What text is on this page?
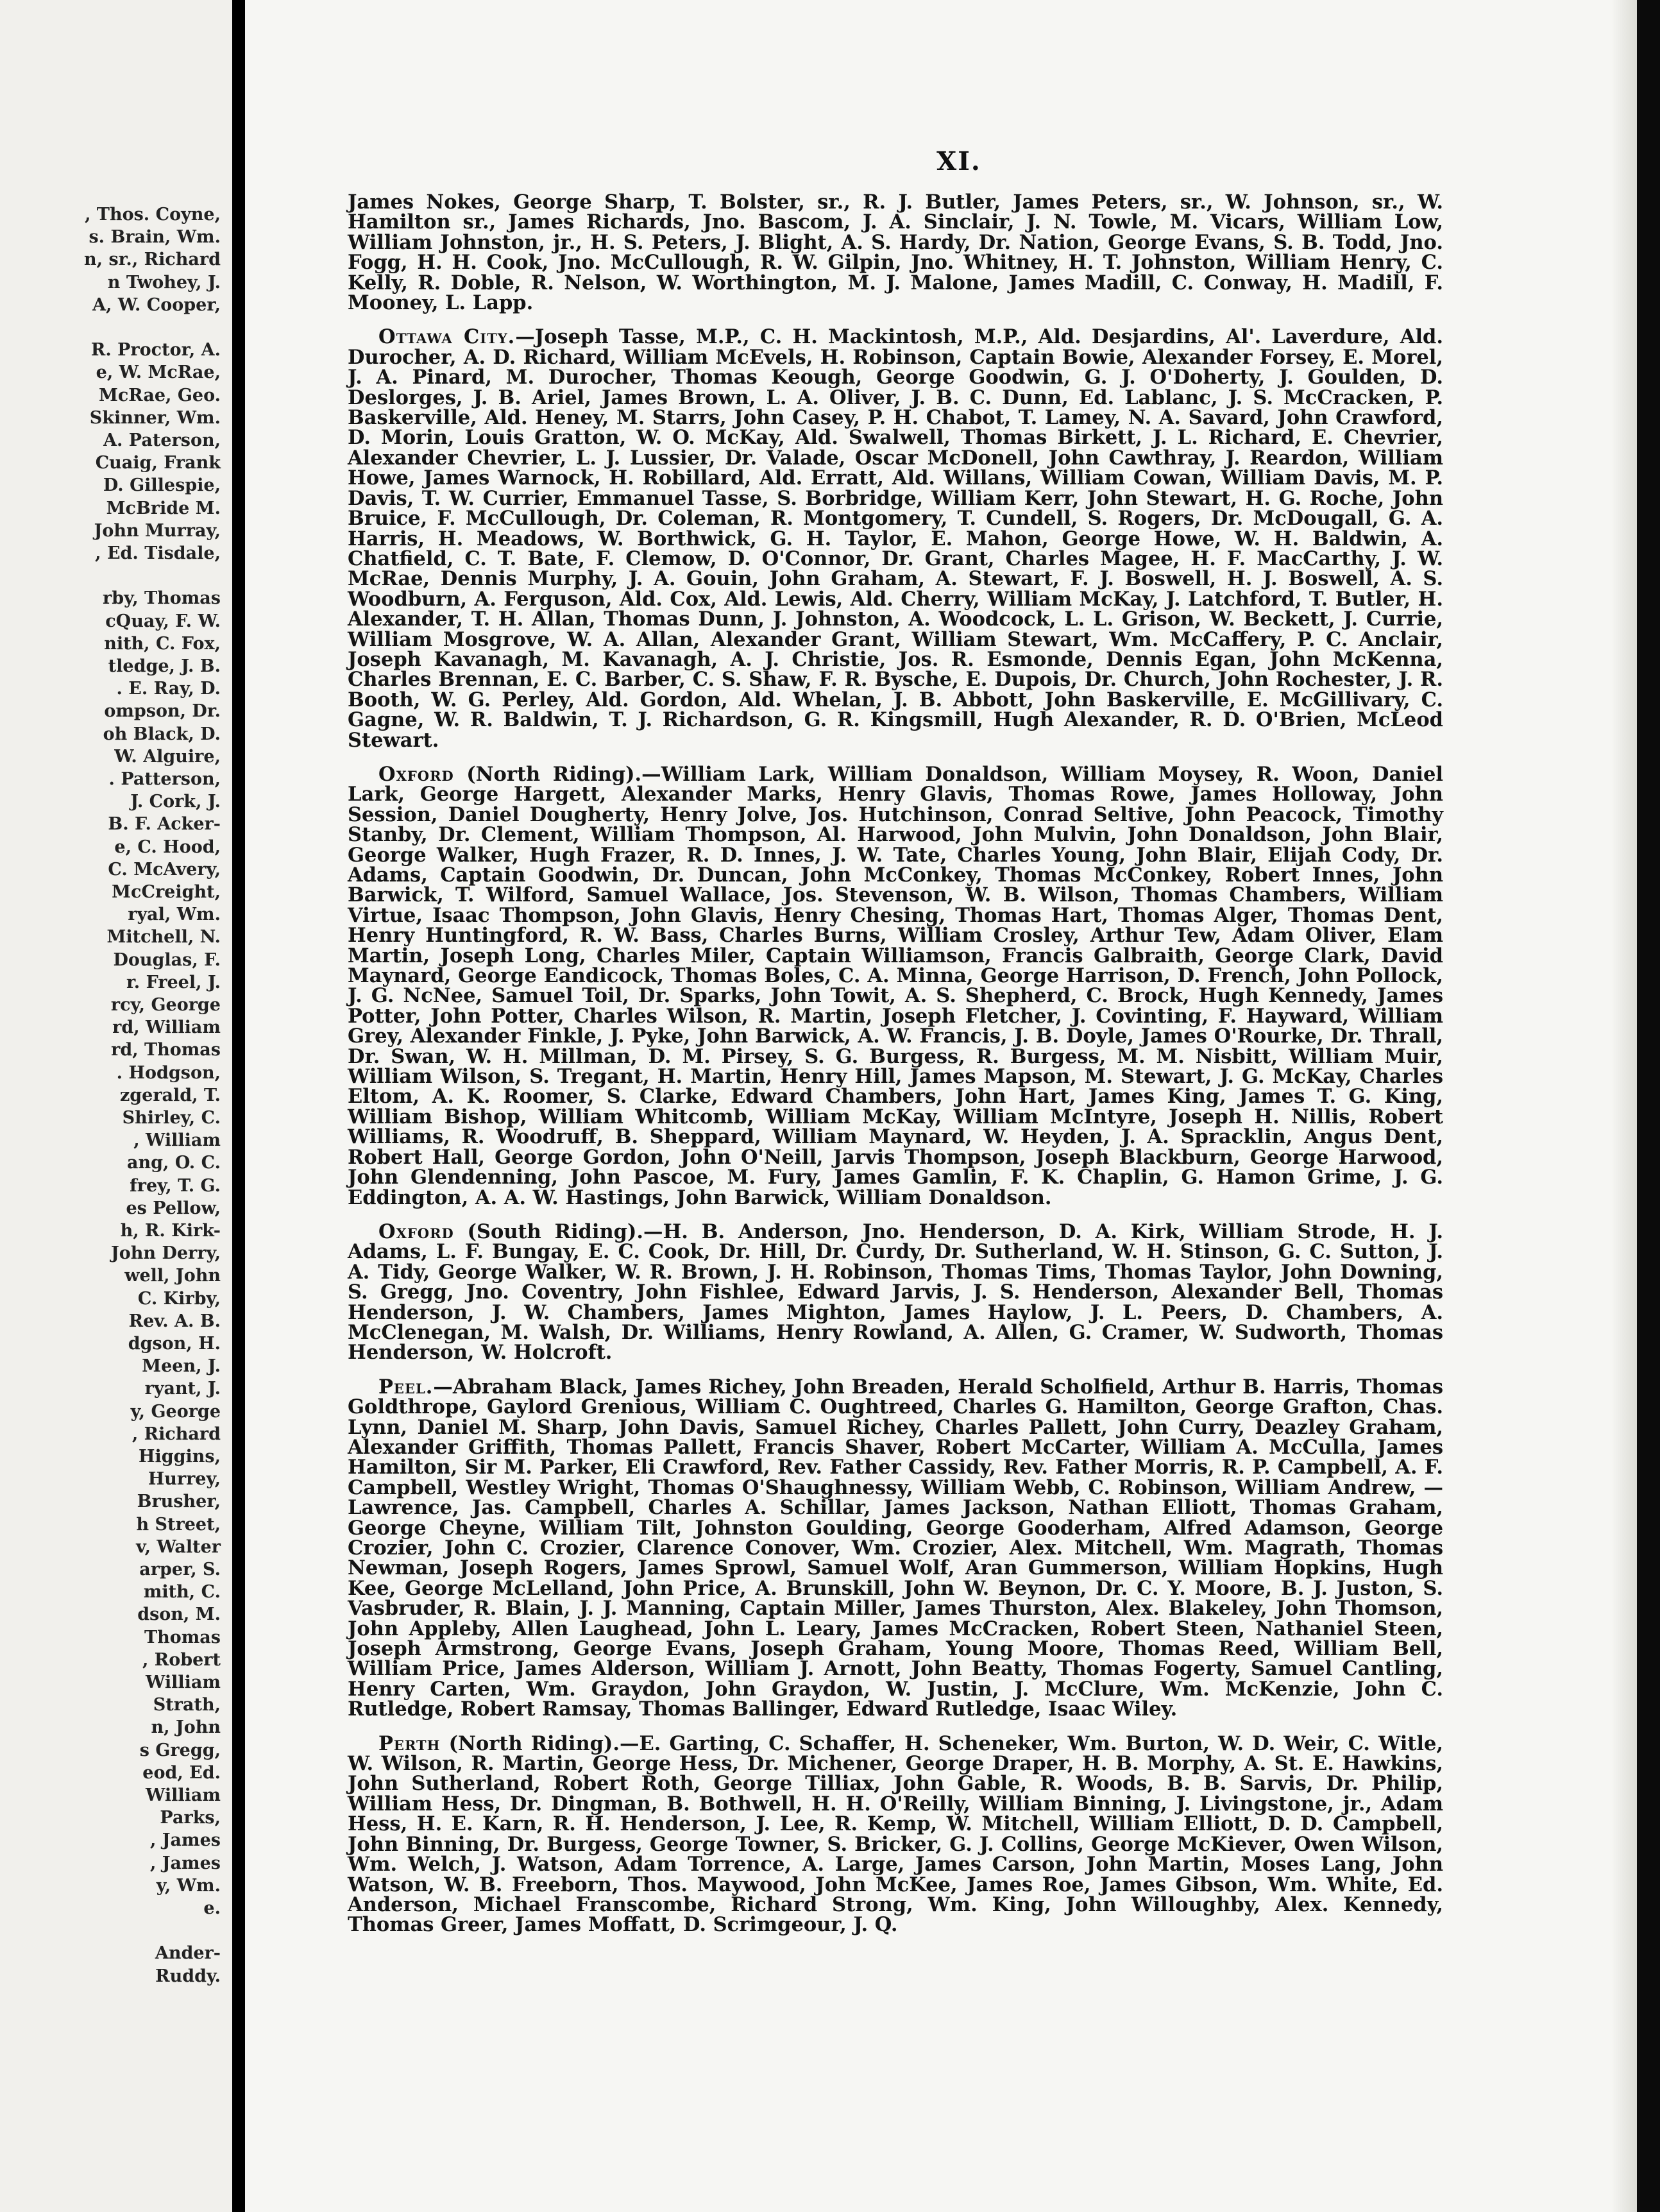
, Thos. Coyne,
s. Brain, Wm.
n, sr., Richard
n Twohey, J.
A, W. Cooper,
R. Proctor, A.
e, W. McRae,
McRae, Geo.
Skinner, Wm.
A. Paterson,
Cuaig, Frank
D. Gillespie,
McBride M.
John Murray,
, Ed. Tisdale,
rby, Thomas
cQuay, F. W.
nith, C. Fox,
tledge, J. B.
. E. Ray, D.
ompson, Dr.
oh Black, D.
W. Alguire,
. Patterson,
J. Cork, J.
B. F. Acker-
e, C. Hood,
C. McAvery,
McCreight,
ryal, Wm.
Mitchell, N.
Douglas, F.
r. Freel, J.
rcy, George
rd, William
rd, Thomas
. Hodgson,
zgerald, T.
Shirley, C.
, William
ang, O. C.
frey, T. G.
es Pellow,
h, R. Kirk-
John Derry,
well, John
C. Kirby,
Rev. A. B.
dgson, H.
Meen, J.
ryant, J.
y, George
, Richard
Higgins,
Hurrey,
Brusher,
h Street,
v, Walter
arper, S.
mith, C.
dson, M.
Thomas
, Robert
William
Strath,
n, John
s Gregg,
eod, Ed.
William
Parks,
, James
, James
y, Wm.
e.
Ander-
Ruddy.
XI.

James Nokes, George Sharp, T. Bolster, sr., R. J. Butler, James Peters, sr., W. Johnson, sr., W. Hamilton sr., James Richards, Jno. Bascom, J. A. Sinclair, J. N. Towle, M. Vicars, William Low, William Johnston, jr., H. S. Peters, J. Blight, A. S. Hardy, Dr. Nation, George Evans, S. B. Todd, Jno. Fogg, H. H. Cook, Jno. McCullough, R. W. Gilpin, Jno. Whitney, H. T. Johnston, William Henry, C. Kelly, R. Doble, R. Nelson, W. Worthington, M. J. Malone, James Madill, C. Conway, H. Madill, F. Mooney, L. Lapp.

Ottawa City.—Joseph Tasse, M.P., C. H. Mackintosh, M.P., Ald. Desjardins, Al'. Laverdure, Ald. Durocher, A. D. Richard, William McEvels, H. Robinson, Captain Bowie, Alexander Forsey, E. Morel, J. A. Pinard, M. Durocher, Thomas Keough, George Goodwin, G. J. O'Doherty, J. Goulden, D. Deslorges, J. B. Ariel, James Brown, L. A. Oliver, J. B. C. Dunn, Ed. Lablanc, J. S. McCracken, P. Baskerville, Ald. Heney, M. Starrs, John Casey, P. H. Chabot, T. Lamey, N. A. Savard, John Crawford, D. Morin, Louis Gratton, W. O. McKay, Ald. Swalwell, Thomas Birkett, J. L. Richard, E. Chevrier, Alexander Chevrier, L. J. Lussier, Dr. Valade, Oscar McDonell, John Cawthray, J. Reardon, William Howe, James Warnock, H. Robillard, Ald. Erratt, Ald. Willans, William Cowan, William Davis, M. P. Davis, T. W. Currier, Emmanuel Tasse, S. Borbridge, William Kerr, John Stewart, H. G. Roche, John Bruice, F. McCullough, Dr. Coleman, R. Montgomery, T. Cundell, S. Rogers, Dr. McDougall, G. A. Harris, H. Meadows, W. Borthwick, G. H. Taylor, E. Mahon, George Howe, W. H. Baldwin, A. Chatfield, C. T. Bate, F. Clemow, D. O'Connor, Dr. Grant, Charles Magee, H. F. MacCarthy, J. W. McRae, Dennis Murphy, J. A. Gouin, John Graham, A. Stewart, F. J. Boswell, H. J. Boswell, A. S. Woodburn, A. Ferguson, Ald. Cox, Ald. Lewis, Ald. Cherry, William McKay, J. Latchford, T. Butler, H. Alexander, T. H. Allan, Thomas Dunn, J. Johnston, A. Woodcock, L. L. Grison, W. Beckett, J. Currie, William Mosgrove, W. A. Allan, Alexander Grant, William Stewart, Wm. McCaffery, P. C. Anclair, Joseph Kavanagh, M. Kavanagh, A. J. Christie, Jos. R. Esmonde, Dennis Egan, John McKenna, Charles Brennan, E. C. Barber, C. S. Shaw, F. R. Bysche, E. Dupois, Dr. Church, John Rochester, J. R. Booth, W. G. Perley, Ald. Gordon, Ald. Whelan, J. B. Abbott, John Baskerville, E. McGillivary, C. Gagne, W. R. Baldwin, T. J. Richardson, G. R. Kingsmill, Hugh Alexander, R. D. O'Brien, McLeod Stewart.

Oxford (North Riding).—William Lark, William Donaldson, William Moysey, R. Woon, Daniel Lark, George Hargett, Alexander Marks, Henry Glavis, Thomas Rowe, James Holloway, John Session, Daniel Dougherty, Henry Jolve, Jos. Hutchinson, Conrad Seltive, John Peacock, Timothy Stanby, Dr. Clement, William Thompson, Al. Harwood, John Mulvin, John Donaldson, John Blair, George Walker, Hugh Frazer, R. D. Innes, J. W. Tate, Charles Young, John Blair, Elijah Cody, Dr. Adams, Captain Goodwin, Dr. Duncan, John McConkey, Thomas McConkey, Robert Innes, John Barwick, T. Wilford, Samuel Wallace, Jos. Stevenson, W. B. Wilson, Thomas Chambers, William Virtue, Isaac Thompson, John Glavis, Henry Chesing, Thomas Hart, Thomas Alger, Thomas Dent, Henry Huntingford, R. W. Bass, Charles Burns, William Crosley, Arthur Tew, Adam Oliver, Elam Martin, Joseph Long, Charles Miler, Captain Williamson, Francis Galbraith, George Clark, David Maynard, George Eandicock, Thomas Boles, C. A. Minna, George Harrison, D. French, John Pollock, J. G. NcNee, Samuel Toil, Dr. Sparks, John Towit, A. S. Shepherd, C. Brock, Hugh Kennedy, James Potter, John Potter, Charles Wilson, R. Martin, Joseph Fletcher, J. Covinting, F. Hayward, William Grey, Alexander Finkle, J. Pyke, John Barwick, A. W. Francis, J. B. Doyle, James O'Rourke, Dr. Thrall, Dr. Swan, W. H. Millman, D. M. Pirsey, S. G. Burgess, R. Burgess, M. M. Nisbitt, William Muir, William Wilson, S. Tregant, H. Martin, Henry Hill, James Mapson, M. Stewart, J. G. McKay, Charles Eltom, A. K. Roomer, S. Clarke, Edward Chambers, John Hart, James King, James T. G. King, William Bishop, William Whitcomb, William McKay, William McIntyre, Joseph H. Nillis, Robert Williams, R. Woodruff, B. Sheppard, William Maynard, W. Heyden, J. A. Spracklin, Angus Dent, Robert Hall, George Gordon, John O'Neill, Jarvis Thompson, Joseph Blackburn, George Harwood, John Glendenning, John Pascoe, M. Fury, James Gamlin, F. K. Chaplin, G. Hamon Grime, J. G. Eddington, A. A. W. Hastings, John Barwick, William Donaldson.

Oxford (South Riding).—H. B. Anderson, Jno. Henderson, D. A. Kirk, William Strode, H. J. Adams, L. F. Bungay, E. C. Cook, Dr. Hill, Dr. Curdy, Dr. Sutherland, W. H. Stinson, G. C. Sutton, J. A. Tidy, George Walker, W. R. Brown, J. H. Robinson, Thomas Tims, Thomas Taylor, John Downing, S. Gregg, Jno. Coventry, John Fishlee, Edward Jarvis, J. S. Henderson, Alexander Bell, Thomas Henderson, J. W. Chambers, James Mighton, James Haylow, J. L. Peers, D. Chambers, A. McClenegan, M. Walsh, Dr. Williams, Henry Rowland, A. Allen, G. Cramer, W. Sudworth, Thomas Henderson, W. Holcroft.

Peel.—Abraham Black, James Richey, John Breaden, Herald Scholfield, Arthur B. Harris, Thomas Goldthrope, Gaylord Grenious, William C. Oughtreed, Charles G. Hamilton, George Grafton, Chas. Lynn, Daniel M. Sharp, John Davis, Samuel Richey, Charles Pallett, John Curry, Deazley Graham, Alexander Griffith, Thomas Pallett, Francis Shaver, Robert McCarter, William A. McCulla, James Hamilton, Sir M. Parker, Eli Crawford, Rev. Father Cassidy, Rev. Father Morris, R. P. Campbell, A. F. Campbell, Westley Wright, Thomas O'Shaughnessy, William Webb, C. Robinson, William Andrew, — Lawrence, Jas. Campbell, Charles A. Schillar, James Jackson, Nathan Elliott, Thomas Graham, George Cheyne, William Tilt, Johnston Goulding, George Gooderham, Alfred Adamson, George Crozier, John C. Crozier, Clarence Conover, Wm. Crozier, Alex. Mitchell, Wm. Magrath, Thomas Newman, Joseph Rogers, James Sprowl, Samuel Wolf, Aran Gummerson, William Hopkins, Hugh Kee, George McLelland, John Price, A. Brunskill, John W. Beynon, Dr. C. Y. Moore, B. J. Juston, S. Vasbruder, R. Blain, J. J. Manning, Captain Miller, James Thurston, Alex. Blakeley, John Thomson, John Appleby, Allen Laughead, John L. Leary, James McCracken, Robert Steen, Nathaniel Steen, Joseph Armstrong, George Evans, Joseph Graham, Young Moore, Thomas Reed, William Bell, William Price, James Alderson, William J. Arnott, John Beatty, Thomas Fogerty, Samuel Cantling, Henry Carten, Wm. Graydon, John Graydon, W. Justin, J. McClure, Wm. McKenzie, John C. Rutledge, Robert Ramsay, Thomas Ballinger, Edward Rutledge, Isaac Wiley.

Perth (North Riding).—E. Garting, C. Schaffer, H. Scheneker, Wm. Burton, W. D. Weir, C. Witle, W. Wilson, R. Martin, George Hess, Dr. Michener, George Draper, H. B. Morphy, A. St. E. Hawkins, John Sutherland, Robert Roth, George Tilliax, John Gable, R. Woods, B. B. Sarvis, Dr. Philip, William Hess, Dr. Dingman, B. Bothwell, H. H. O'Reilly, William Binning, J. Livingstone, jr., Adam Hess, H. E. Karn, R. H. Henderson, J. Lee, R. Kemp, W. Mitchell, William Elliott, D. D. Campbell, John Binning, Dr. Burgess, George Towner, S. Bricker, G. J. Collins, George McKiever, Owen Wilson, Wm. Welch, J. Watson, Adam Torrence, A. Large, James Carson, John Martin, Moses Lang, John Watson, W. B. Freeborn, Thos. Maywood, John McKee, James Roe, James Gibson, Wm. White, Ed. Anderson, Michael Franscombe, Richard Strong, Wm. King, John Willoughby, Alex. Kennedy, Thomas Greer, James Moffatt, D. Scrimgeour, J. Q.
